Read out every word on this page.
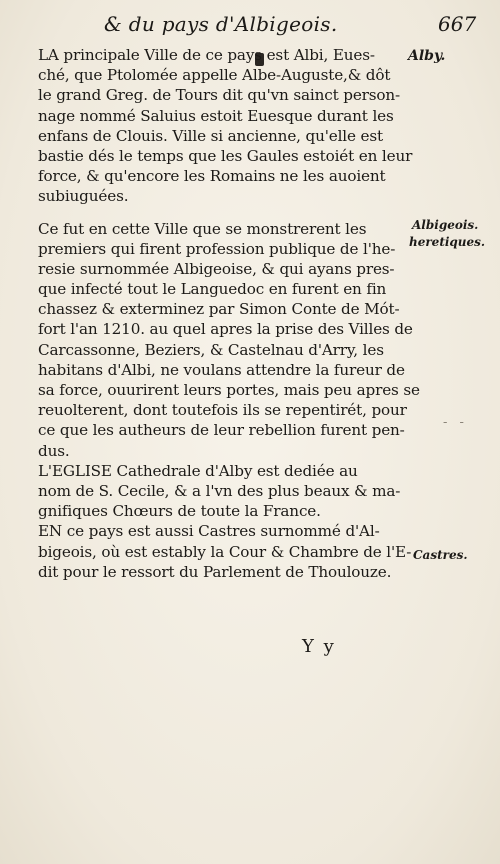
& du pays d'Albigeois.	667
LA principale Ville de ce pays est Albi, Eues-
ché, que Ptolomée appelle Albe-Auguste,& dôt
le grand Greg. de Tours dit qu'vn sainct person-
nage nommé Saluius estoit Euesque durant les
enfans de Clouis. Ville si ancienne, qu'elle est
bastie dés le temps que les Gaules estoiét en leur
force, & qu'encore les Romains ne les auoient
subiuguées.
Ce fut en cette Ville que se monstrerent les
premiers qui firent profession publique de l'he-
resie surnommée Albigeoise, & qui ayans pres-
que infecté tout le Languedoc en furent en fin
chassez & exterminez par Simon Conte de Mót-
fort l'an 1210. au quel apres la prise des Villes de
Carcassonne, Beziers, & Castelnau d'Arry, les
habitans d'Albi, ne voulans attendre la fureur de
sa force, ouurirent leurs portes, mais peu apres se
reuolterent, dont toutefois ils se repentirét, pour
ce que les autheurs de leur rebellion furent pen-
dus.
L'EGLISE Cathedrale d'Alby est dediée au
nom de S. Cecile, & a l'vn des plus beaux & ma-
gnifiques Chœurs de toute la France.
EN ce pays est aussi Castres surnommé d'Al-
bigeois, où est estably la Cour & Chambre de l'E-
dit pour le ressort du Parlement de Thoulouze.
Alby.
Albigeois.
heretiques.
Castres.
- -
Y y
